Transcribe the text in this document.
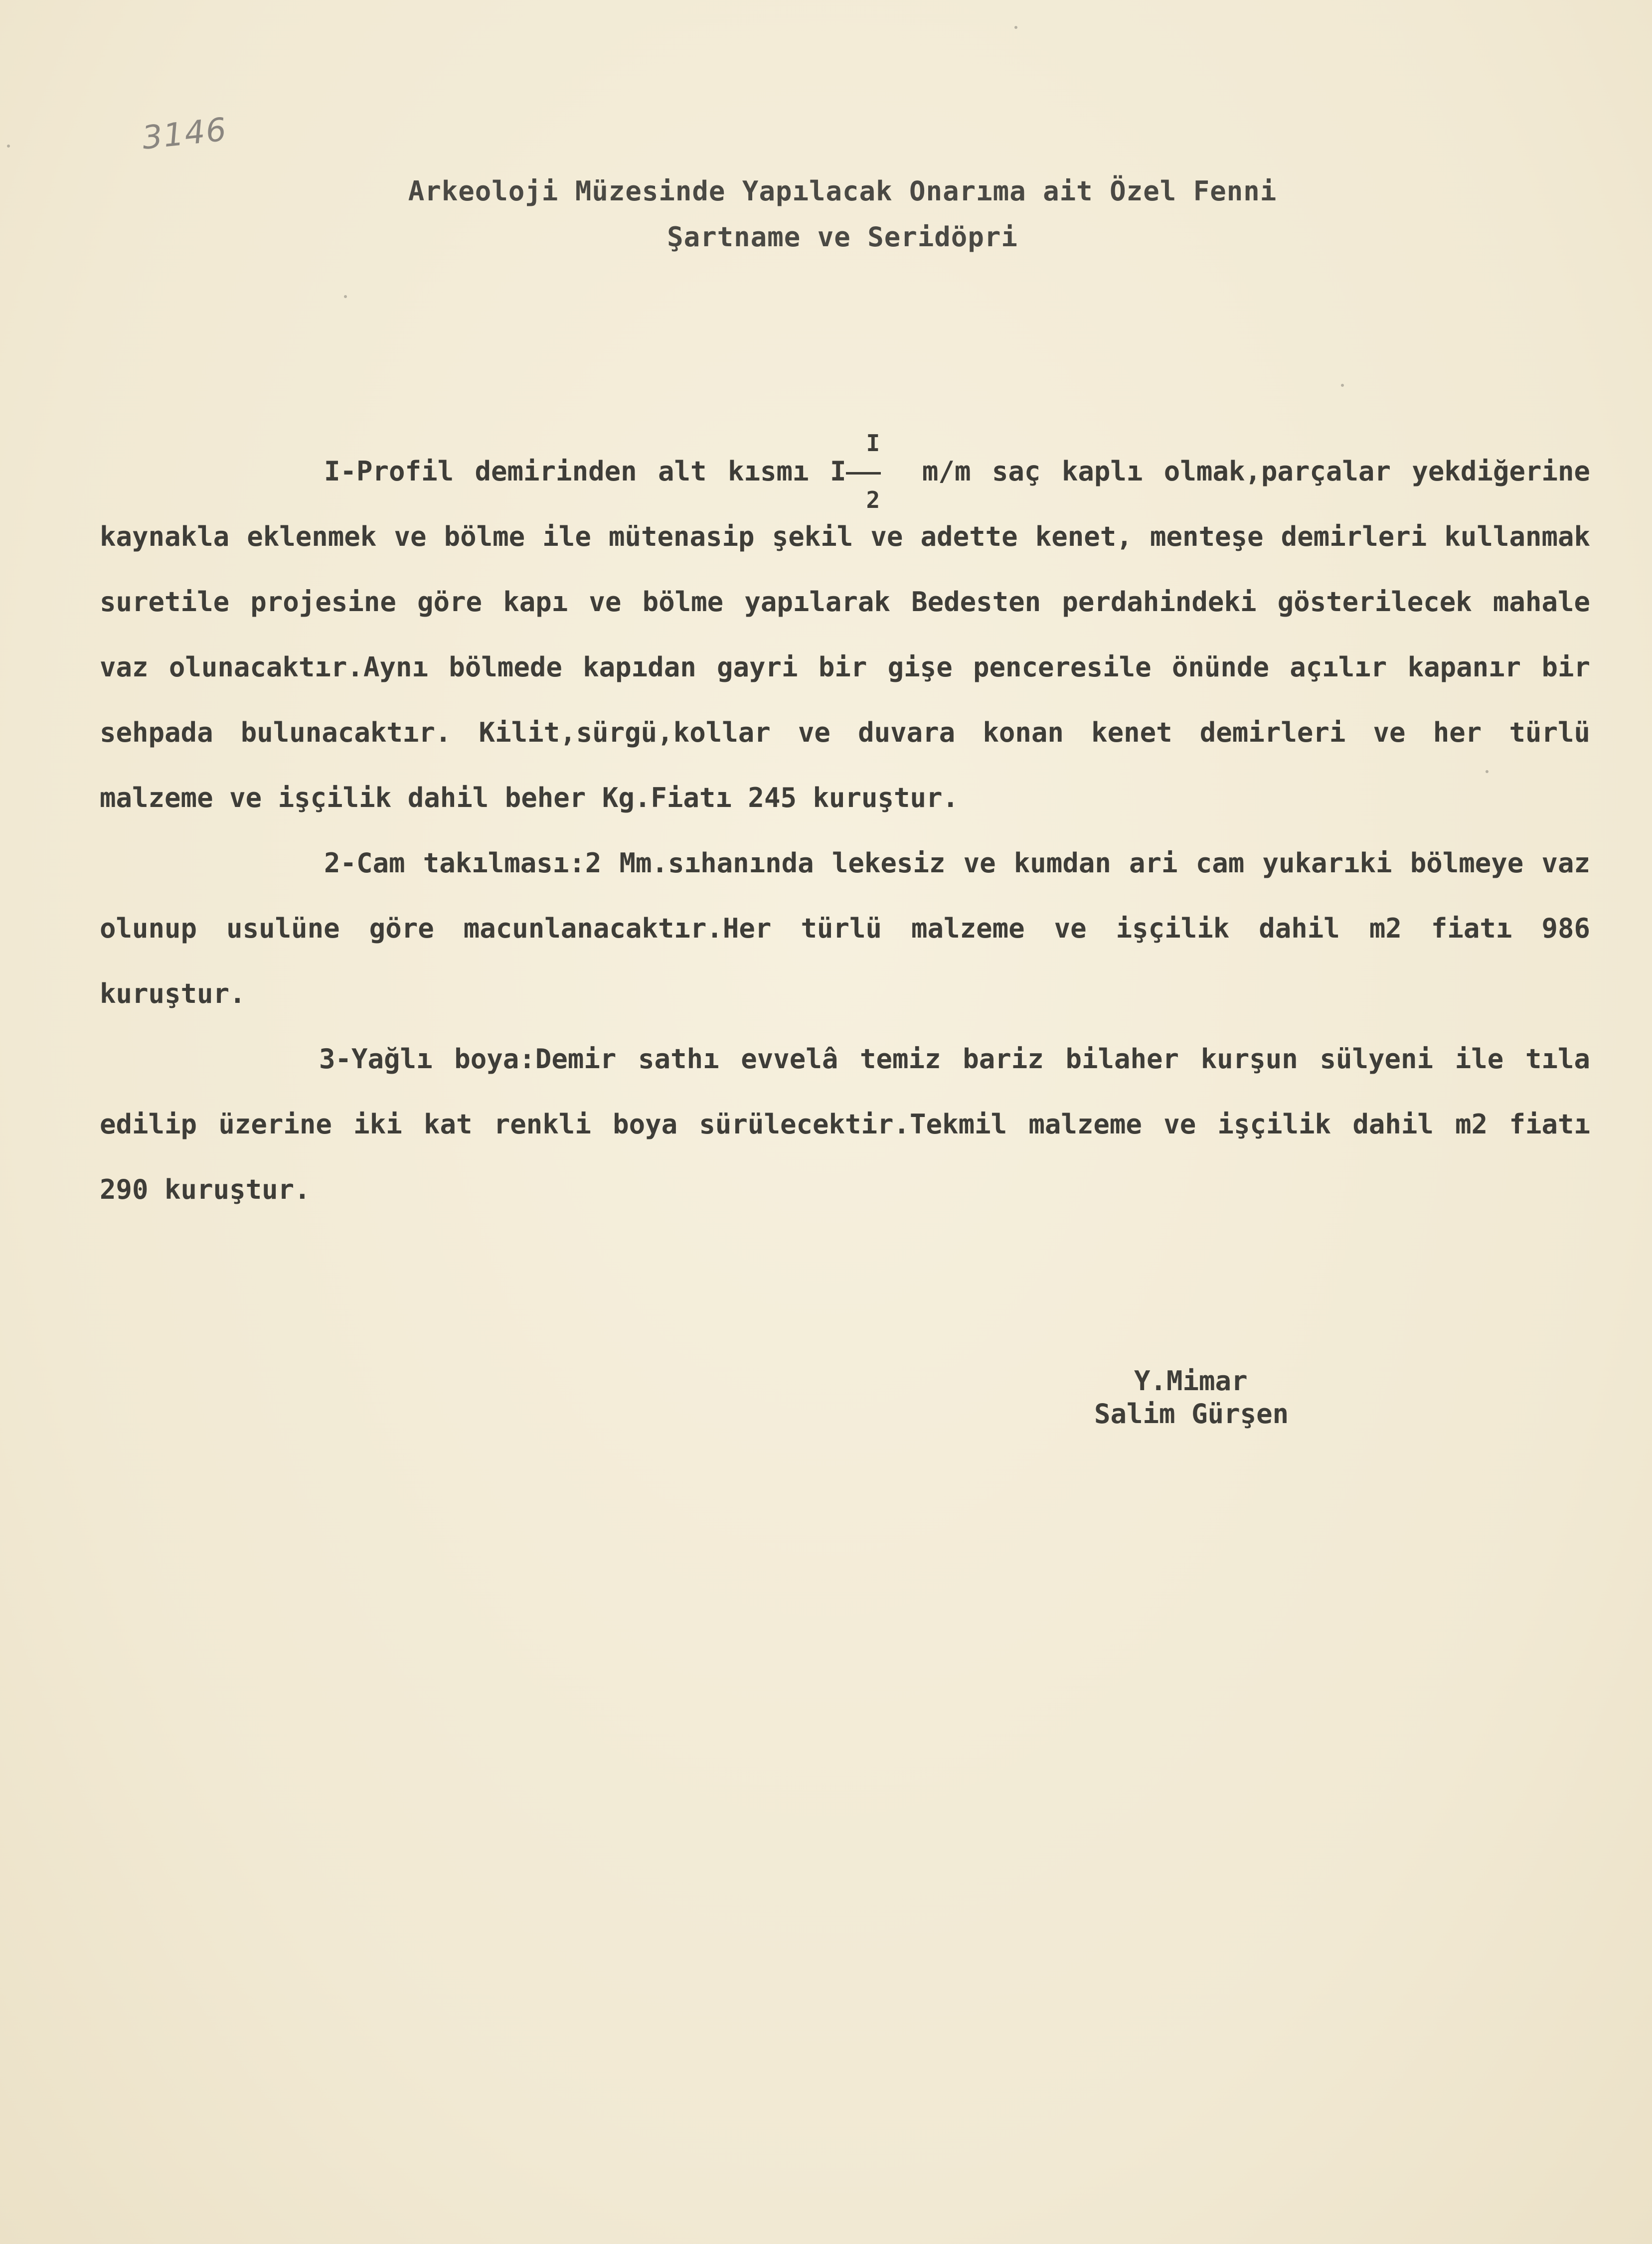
3146
Arkeoloji Müzesinde Yapılacak Onarıma ait Özel Fenni
Şartname ve Seridöpri

I-Profil demirinden alt kısmı I
I
2
m/m saç kaplı olmak,parçalar yekdiğerine kaynakla eklenmek ve bölme ile mütenasip şekil ve adette kenet, menteşe demirleri kullanmak suretile projesine göre kapı ve bölme yapılarak Bedesten perdahindeki gösterilecek mahale vaz olunacaktır.Aynı bölmede kapıdan gayri bir gişe penceresile önünde açılır kapanır bir sehpada bulunacaktır. Kilit,sürgü,kollar ve duvara konan kenet demirleri ve her türlü malzeme ve işçilik dahil beher Kg.Fiatı 245 kuruştur.

2-Cam takılması:2 Mm.sıhanında lekesiz ve kumdan ari cam yukarıki bölmeye vaz olunup usulüne göre macunlanacaktır.Her türlü malzeme ve işçilik dahil m2 fiatı 986 kuruştur.

3-Yağlı boya:Demir sathı evvelâ temiz bariz bilaher kurşun sülyeni ile tıla edilip üzerine iki kat renkli boya sürülecektir.Tekmil malzeme ve işçilik dahil m2 fiatı 290 kuruştur.

Y.Mimar
Salim Gürşen
